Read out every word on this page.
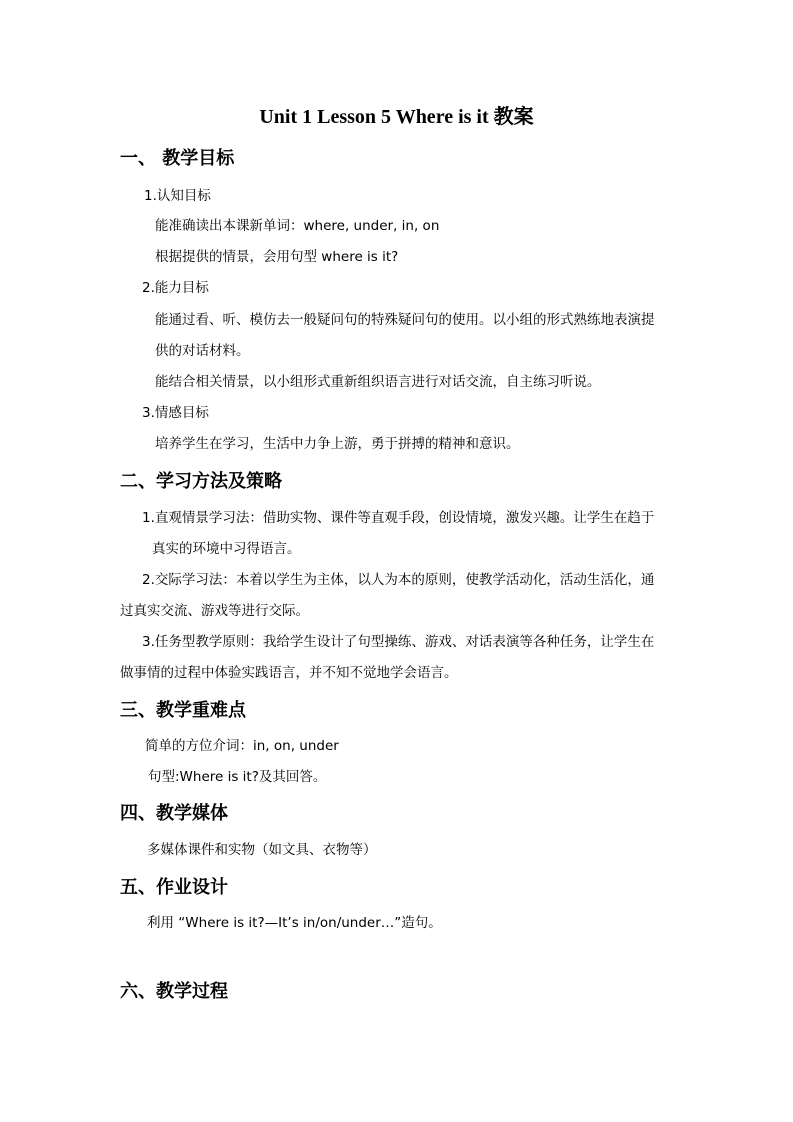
Unit 1 Lesson 5 Where is it 教案
一、 教学目标
1.认知目标
能准确读出本课新单词：where, under, in, on
根据提供的情景，会用句型 where is it?
2.能力目标
能通过看、听、模仿去一般疑问句的特殊疑问句的使用。以小组的形式熟练地表演提
供的对话材料。
能结合相关情景，以小组形式重新组织语言进行对话交流，自主练习听说。
3.情感目标
培养学生在学习，生活中力争上游，勇于拼搏的精神和意识。
二、学习方法及策略
1.直观情景学习法：借助实物、课件等直观手段，创设情境，激发兴趣。让学生在趋于
真实的环境中习得语言。
2.交际学习法：本着以学生为主体，以人为本的原则，使教学活动化，活动生活化，通
过真实交流、游戏等进行交际。
3.任务型教学原则：我给学生设计了句型操练、游戏、对话表演等各种任务，让学生在
做事情的过程中体验实践语言，并不知不觉地学会语言。
三、教学重难点
简单的方位介词：in, on, under
句型:Where is it?及其回答。
四、教学媒体
多媒体课件和实物（如文具、衣物等）
五、作业设计
利用 “Where is it?—It’s in/on/under…”造句。
六、教学过程
